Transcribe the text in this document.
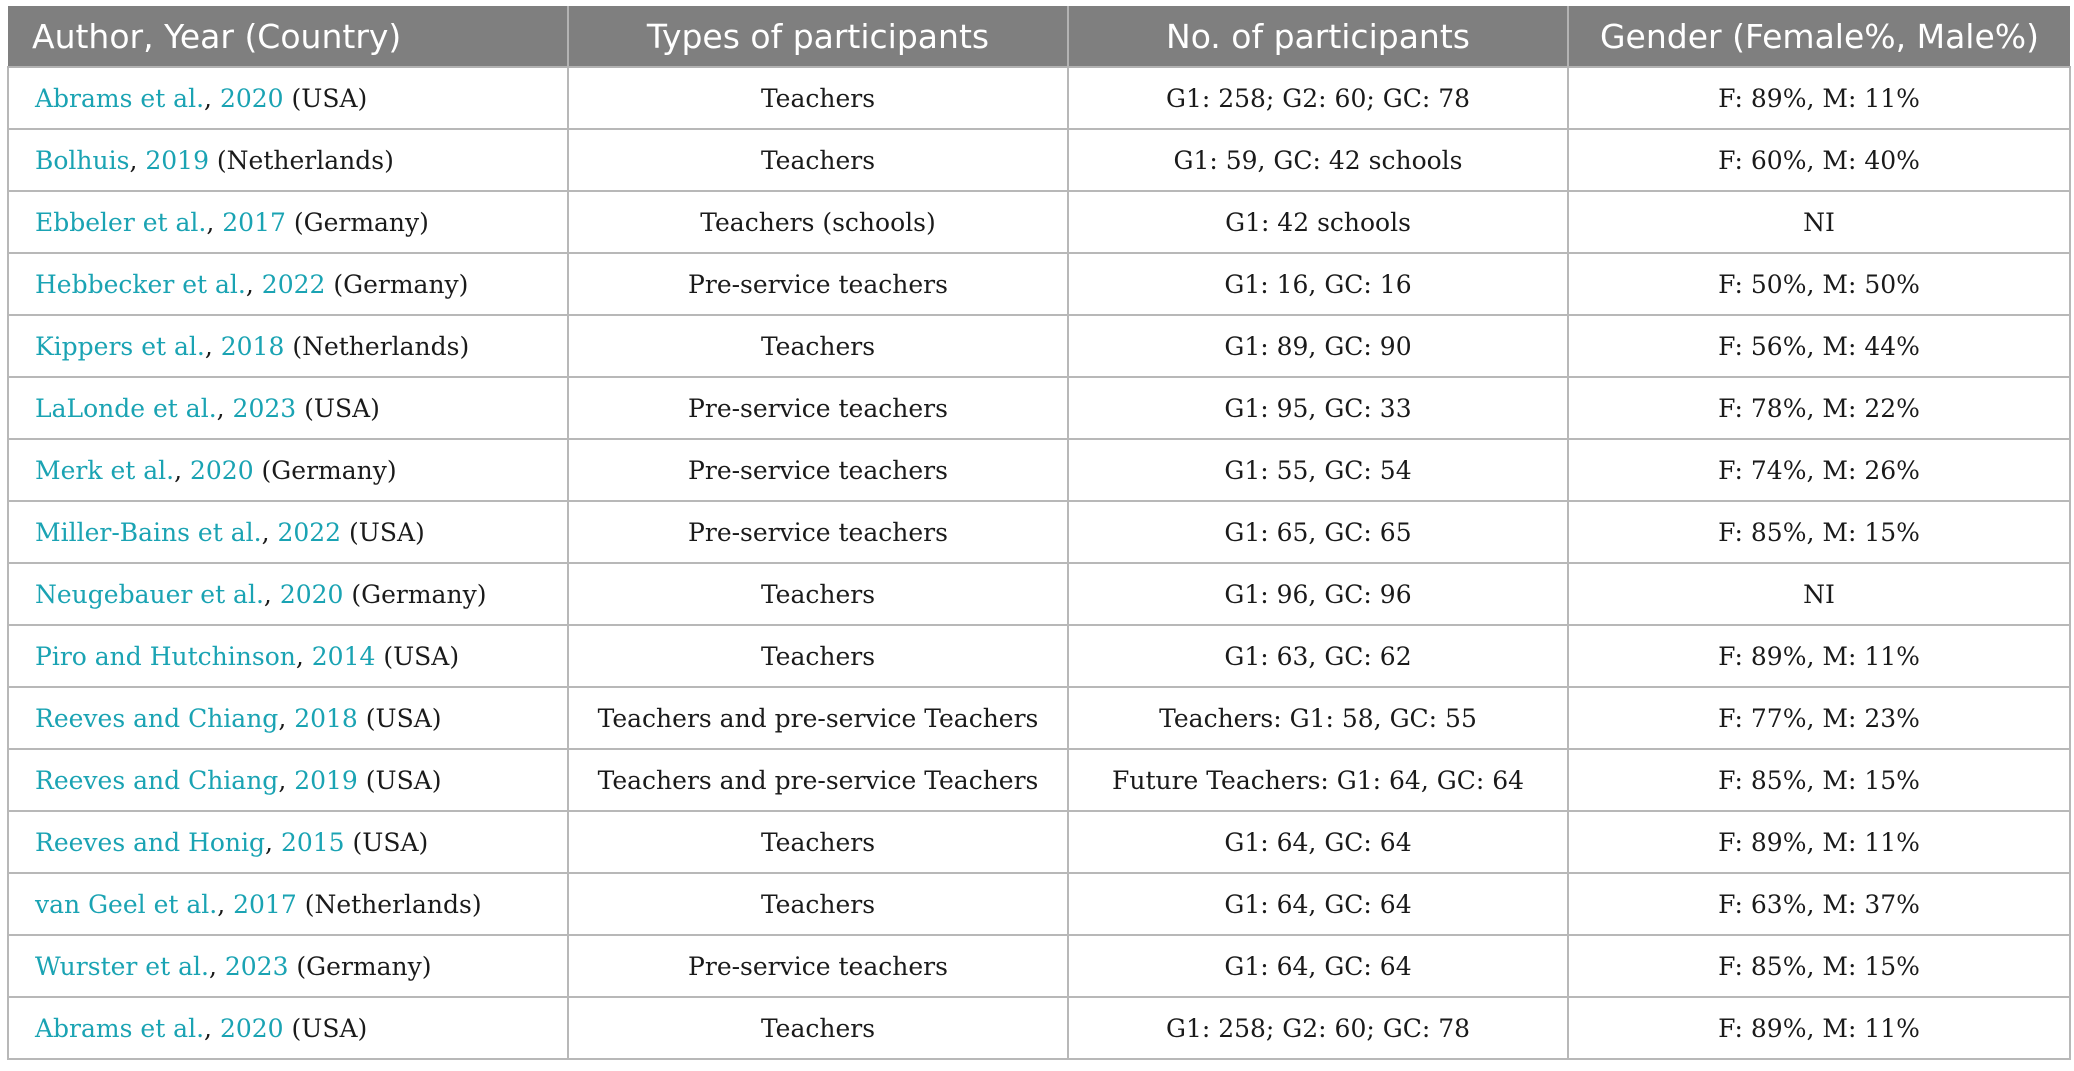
Author, Year (Country)	Types of participants	No. of participants	Gender (Female%, Male%)
Abrams et al., 2020 (USA)	Teachers	G1: 258; G2: 60; GC: 78	F: 89%, M: 11%
Bolhuis, 2019 (Netherlands)	Teachers	G1: 59, GC: 42 schools	F: 60%, M: 40%
Ebbeler et al., 2017 (Germany)	Teachers (schools)	G1: 42 schools	NI
Hebbecker et al., 2022 (Germany)	Pre-service teachers	G1: 16, GC: 16	F: 50%, M: 50%
Kippers et al., 2018 (Netherlands)	Teachers	G1: 89, GC: 90	F: 56%, M: 44%
LaLonde et al., 2023 (USA)	Pre-service teachers	G1: 95, GC: 33	F: 78%, M: 22%
Merk et al., 2020 (Germany)	Pre-service teachers	G1: 55, GC: 54	F: 74%, M: 26%
Miller-Bains et al., 2022 (USA)	Pre-service teachers	G1: 65, GC: 65	F: 85%, M: 15%
Neugebauer et al., 2020 (Germany)	Teachers	G1: 96, GC: 96	NI
Piro and Hutchinson, 2014 (USA)	Teachers	G1: 63, GC: 62	F: 89%, M: 11%
Reeves and Chiang, 2018 (USA)	Teachers and pre-service Teachers	Teachers: G1: 58, GC: 55	F: 77%, M: 23%
Reeves and Chiang, 2019 (USA)	Teachers and pre-service Teachers	Future Teachers: G1: 64, GC: 64	F: 85%, M: 15%
Reeves and Honig, 2015 (USA)	Teachers	G1: 64, GC: 64	F: 89%, M: 11%
van Geel et al., 2017 (Netherlands)	Teachers	G1: 64, GC: 64	F: 63%, M: 37%
Wurster et al., 2023 (Germany)	Pre-service teachers	G1: 64, GC: 64	F: 85%, M: 15%
Abrams et al., 2020 (USA)	Teachers	G1: 258; G2: 60; GC: 78	F: 89%, M: 11%
